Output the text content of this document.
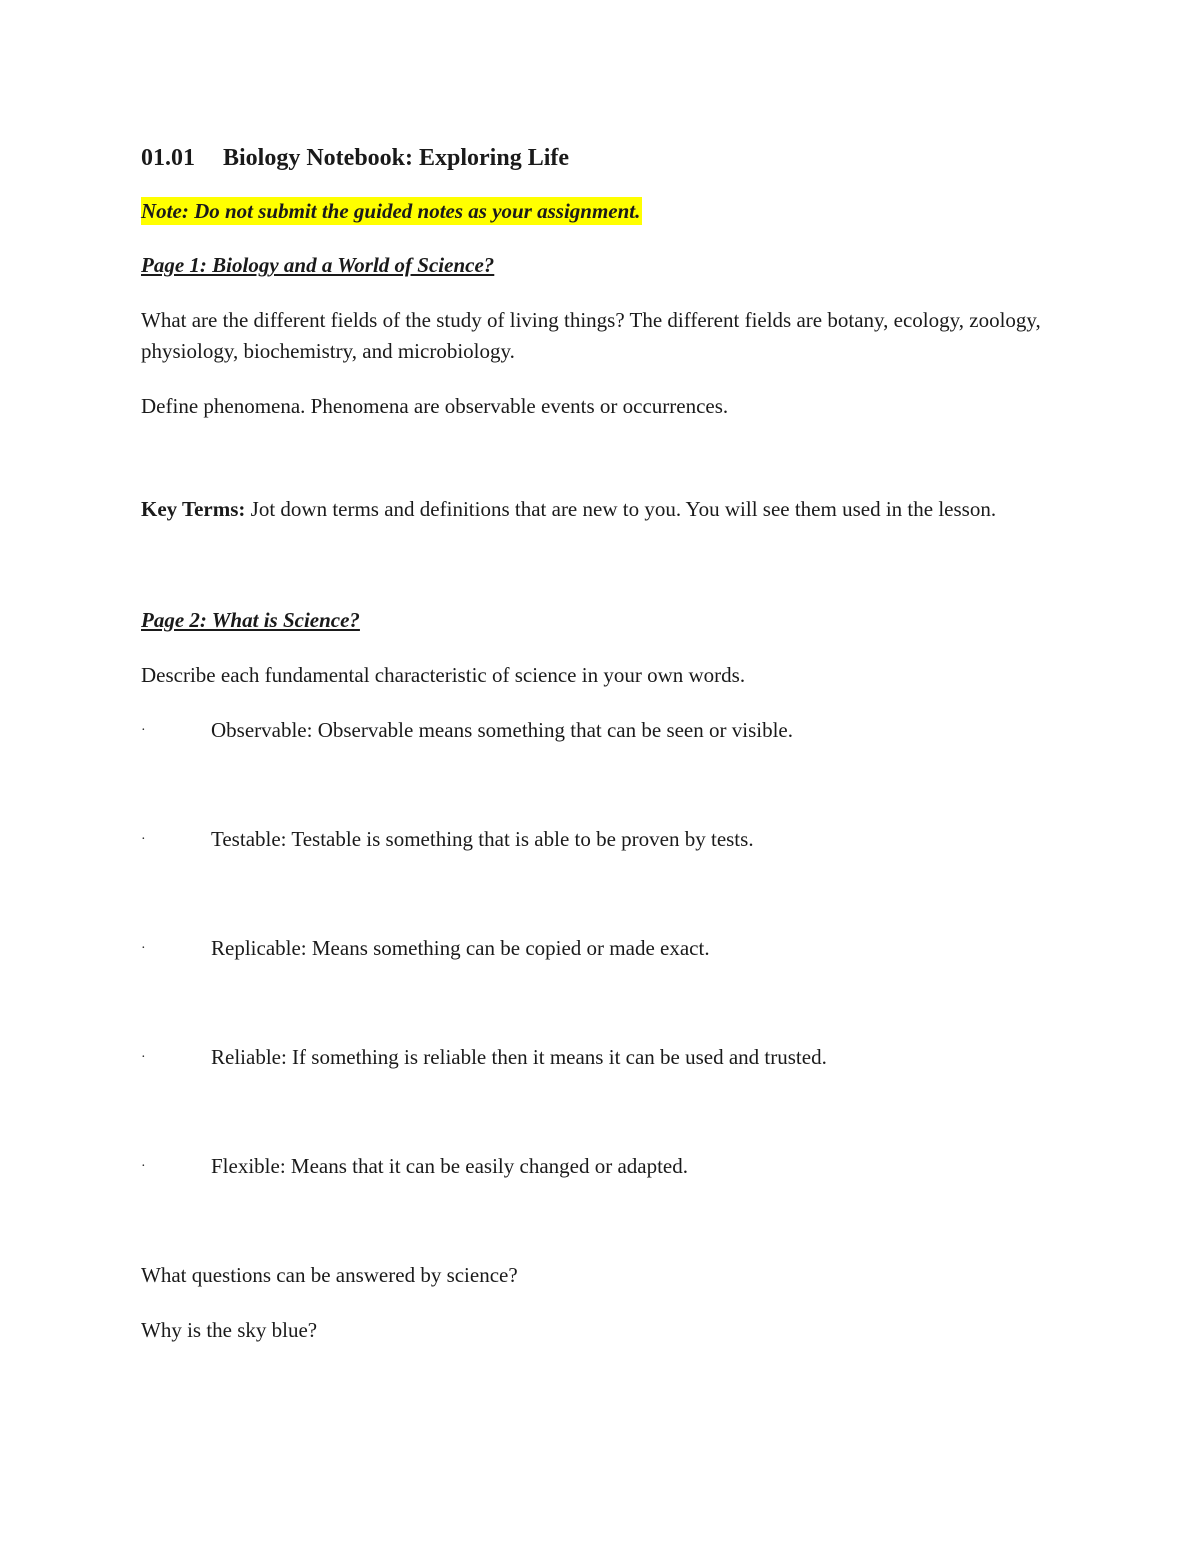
01.01 Biology Notebook: Exploring Life
Note: Do not submit the guided notes as your assignment.
Page 1: Biology and a World of Science?

What are the different fields of the study of living things? The different fields are botany, ecology, zoology, physiology, biochemistry, and microbiology.

Define phenomena. Phenomena are observable events or occurrences.

Key Terms: Jot down terms and definitions that are new to you. You will see them used in the lesson.

Page 2: What is Science?

Describe each fundamental characteristic of science in your own words.

·	Observable: Observable means something that can be seen or visible.
·	Testable: Testable is something that is able to be proven by tests.
·	Replicable: Means something can be copied or made exact.
·	Reliable: If something is reliable then it means it can be used and trusted.
·	Flexible: Means that it can be easily changed or adapted.

What questions can be answered by science?

Why is the sky blue?
